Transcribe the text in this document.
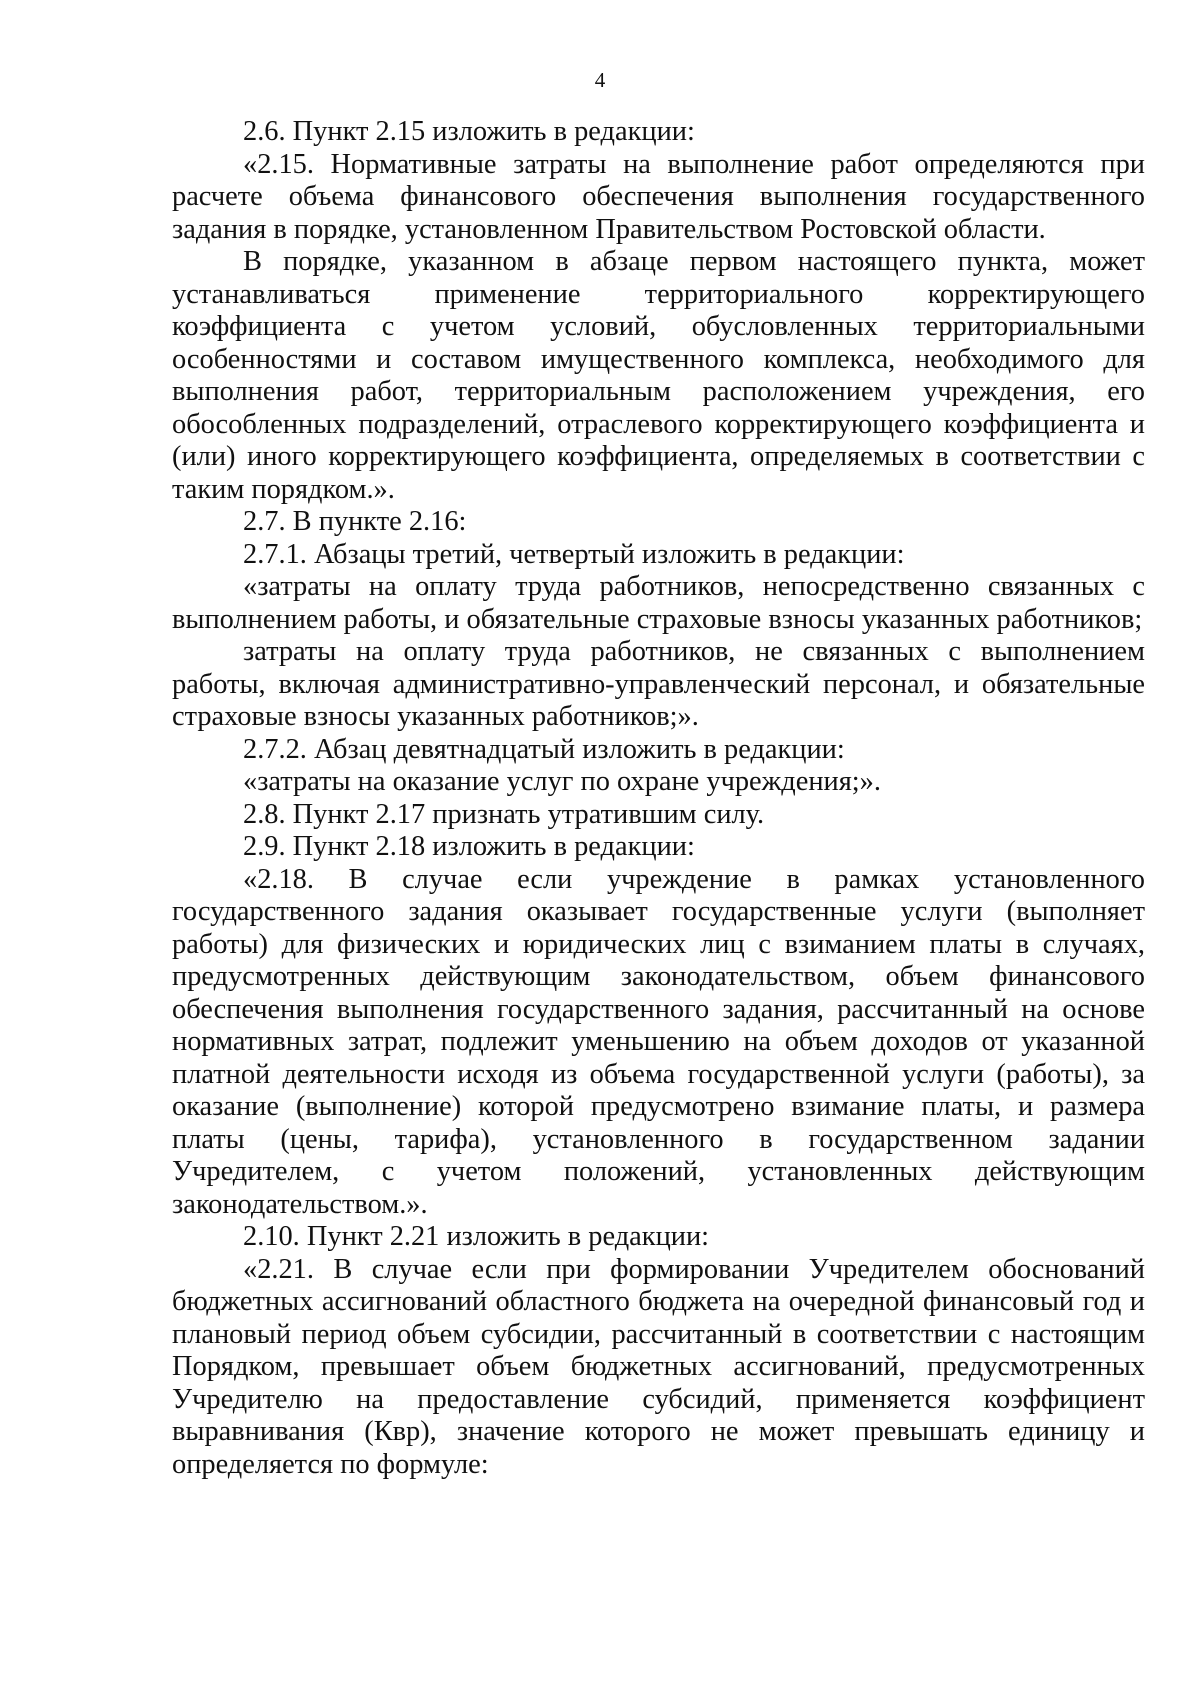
4

2.6. Пункт 2.15 изложить в редакции:

«2.15. Нормативные затраты на выполнение работ определяются при расчете объема финансового обеспечения выполнения государственного задания в порядке, установленном Правительством Ростовской области.

В порядке, указанном в абзаце первом настоящего пункта, может устанавливаться применение территориального корректирующего коэффициента с учетом условий, обусловленных территориальными особенностями и составом имущественного комплекса, необходимого для выполнения работ, территориальным расположением учреждения, его обособленных подразделений, отраслевого корректирующего коэффициента и (или) иного корректирующего коэффициента, определяемых в соответствии с таким порядком.».

2.7. В пункте 2.16:

2.7.1. Абзацы третий, четвертый изложить в редакции:

«затраты на оплату труда работников, непосредственно связанных с выполнением работы, и обязательные страховые взносы указанных работников;

затраты на оплату труда работников, не связанных с выполнением работы, включая административно-управленческий персонал, и обязательные страховые взносы указанных работников;».

2.7.2. Абзац девятнадцатый изложить в редакции:

«затраты на оказание услуг по охране учреждения;».

2.8. Пункт 2.17 признать утратившим силу.

2.9. Пункт 2.18 изложить в редакции:

«2.18. В случае если учреждение в рамках установленного государственного задания оказывает государственные услуги (выполняет работы) для физических и юридических лиц с взиманием платы в случаях, предусмотренных действующим законодательством, объем финансового обеспечения выполнения государственного задания, рассчитанный на основе нормативных затрат, подлежит уменьшению на объем доходов от указанной платной деятельности исходя из объема государственной услуги (работы), за оказание (выполнение) которой предусмотрено взимание платы, и размера платы (цены, тарифа), установленного в государственном задании Учредителем, с учетом положений, установленных действующим законодательством.».

2.10. Пункт 2.21 изложить в редакции:

«2.21. В случае если при формировании Учредителем обоснований бюджетных ассигнований областного бюджета на очередной финансовый год и плановый период объем субсидии, рассчитанный в соответствии с настоящим Порядком, превышает объем бюджетных ассигнований, предусмотренных Учредителю на предоставление субсидий, применяется коэффициент выравнивания (Квр), значение которого не может превышать единицу и определяется по формуле:
